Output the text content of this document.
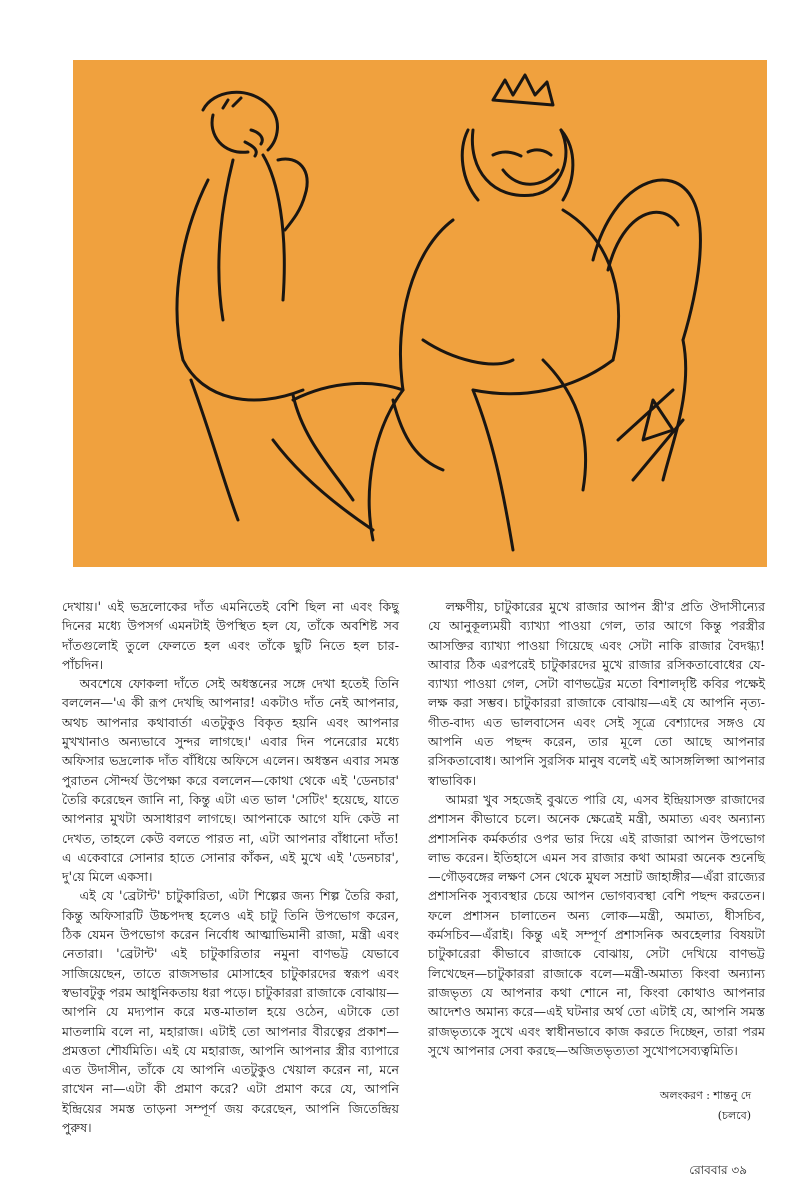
দেখায়।' এই ভদ্রলোকের দাঁত এমনিতেই বেশি ছিল না এবং কিছু দিনের মধ্যে উপসর্গ এমনটাই উপস্থিত হল যে, তাঁকে অবশিষ্ট সব দাঁতগুলোই তুলে ফেলতে হল এবং তাঁকে ছুটি নিতে হল চার-পাঁচদিন।

অবশেষে ফোকলা দাঁতে সেই অধস্তনের সঙ্গে দেখা হতেই তিনি বললেন—'এ কী রূপ দেখছি আপনার! একটাও দাঁত নেই আপনার, অথচ আপনার কথাবার্তা এতটুকুও বিকৃত হয়নি এবং আপনার মুখখানাও অন্যভাবে সুন্দর লাগছে।' এবার দিন পনেরোর মধ্যে অফিসার ভদ্রলোক দাঁত বাঁধিয়ে অফিসে এলেন। অধস্তন এবার সমস্ত পুরাতন সৌন্দর্য উপেক্ষা করে বললেন—কোথা থেকে এই 'ডেনচার' তৈরি করেছেন জানি না, কিন্তু এটা এত ভাল 'সেটিং' হয়েছে, যাতে আপনার মুখটা অসাধারণ লাগছে। আপনাকে আগে যদি কেউ না দেখত, তাহলে কেউ বলতে পারত না, এটা আপনার বাঁধানো দাঁত! এ একেবারে সোনার হাতে সোনার কাঁকন, এই মুখে এই 'ডেনচার', দু'য়ে মিলে একসা।

এই যে 'ব্রেটান্ট' চাটুকারিতা, এটা শিল্পের জন্য শিল্প তৈরি করা, কিন্তু অফিসারটি উচ্চপদস্থ হলেও এই চাটু তিনি উপভোগ করেন, ঠিক যেমন উপভোগ করেন নির্বোধ আত্মাভিমানী রাজা, মন্ত্রী এবং নেতারা। 'ব্রেটান্ট' এই চাটুকারিতার নমুনা বাণভট্ট যেভাবে সাজিয়েছেন, তাতে রাজসভার মোসাহেব চাটুকারদের স্বরূপ এবং স্বভাবটুকু পরম আধুনিকতায় ধরা পড়ে। চাটুকাররা রাজাকে বোঝায়—আপনি যে মদ্যপান করে মত্ত-মাতাল হয়ে ওঠেন, এটাকে তো মাতলামি বলে না, মহারাজ। এটাই তো আপনার বীরত্বের প্রকাশ—প্রমত্ততা শৌর্যমিতি। এই যে মহারাজ, আপনি আপনার স্ত্রীর ব্যাপারে এত উদাসীন, তাঁকে যে আপনি এতটুকুও খেয়াল করেন না, মনে রাখেন না—এটা কী প্রমাণ করে? এটা প্রমাণ করে যে, আপনি ইন্দ্রিয়ের সমস্ত তাড়না সম্পূর্ণ জয় করেছেন, আপনি জিতেন্দ্রিয় পুরুষ।

লক্ষণীয়, চাটুকারের মুখে রাজার আপন স্ত্রী'র প্রতি ঔদাসীন্যের যে আনুকূল্যময়ী ব্যাখ্যা পাওয়া গেল, তার আগে কিন্তু পরস্ত্রীর আসক্তির ব্যাখ্যা পাওয়া গিয়েছে এবং সেটা নাকি রাজার বৈদগ্ধ্য! আবার ঠিক এরপরেই চাটুকারদের মুখে রাজার রসিকতাবোধের যে-ব্যাখ্যা পাওয়া গেল, সেটা বাণভট্টের মতো বিশালদৃষ্টি কবির পক্ষেই লক্ষ করা সম্ভব। চাটুকাররা রাজাকে বোঝায়—এই যে আপনি নৃত্য-গীত-বাদ্য এত ভালবাসেন এবং সেই সূত্রে বেশ্যাদের সঙ্গও যে আপনি এত পছন্দ করেন, তার মূলে তো আছে আপনার রসিকতাবোধ। আপনি সুরসিক মানুষ বলেই এই আসঙ্গলিপ্সা আপনার স্বাভাবিক।

আমরা খুব সহজেই বুঝতে পারি যে, এসব ইন্দ্রিয়াসক্ত রাজাদের প্রশাসন কীভাবে চলে। অনেক ক্ষেত্রেই মন্ত্রী, অমাত্য এবং অন্যান্য প্রশাসনিক কর্মকর্তার ওপর ভার দিয়ে এই রাজারা আপন উপভোগ লাভ করেন। ইতিহাসে এমন সব রাজার কথা আমরা অনেক শুনেছি—গৌড়বঙ্গের লক্ষণ সেন থেকে মুঘল সম্রাট জাহাঙ্গীর—এঁরা রাজ্যের প্রশাসনিক সুব্যবস্থার চেয়ে আপন ভোগব্যবস্থা বেশি পছন্দ করতেন। ফলে প্রশাসন চালাতেন অন্য লোক—মন্ত্রী, অমাত্য, ধীসচিব, কর্মসচিব—এঁরাই। কিন্তু এই সম্পূর্ণ প্রশাসনিক অবহেলার বিষয়টা চাটুকারেরা কীভাবে রাজাকে বোঝায়, সেটা দেখিয়ে বাণভট্ট লিখেছেন—চাটুকাররা রাজাকে বলে—মন্ত্রী-অমাত্য কিংবা অন্যান্য রাজভৃত্য যে আপনার কথা শোনে না, কিংবা কোথাও আপনার আদেশও অমান্য করে—এই ঘটনার অর্থ তো এটাই যে, আপনি সমস্ত রাজভৃত্যকে সুখে এবং স্বাধীনভাবে কাজ করতে দিচ্ছেন, তারা পরম সুখে আপনার সেবা করছে—অজিতভৃত্যতা সুখোপসেব্যত্বমিতি।

অলংকরণ : শান্তনু দে
(চলবে)
রোববার ৩৯
